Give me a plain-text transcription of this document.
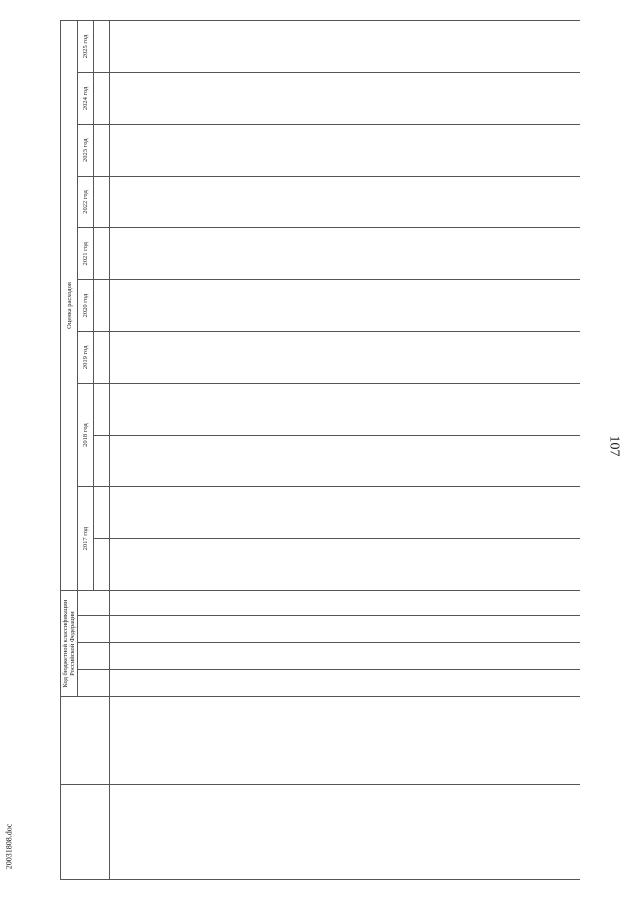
107
20031808.doc
		Код бюджетной классификации Российской Федерации				Оценка расходов										
						2017 год		2018 год		2019 год	2020 год	2021 год	2022 год	2023 год	2024 год	2025 год
